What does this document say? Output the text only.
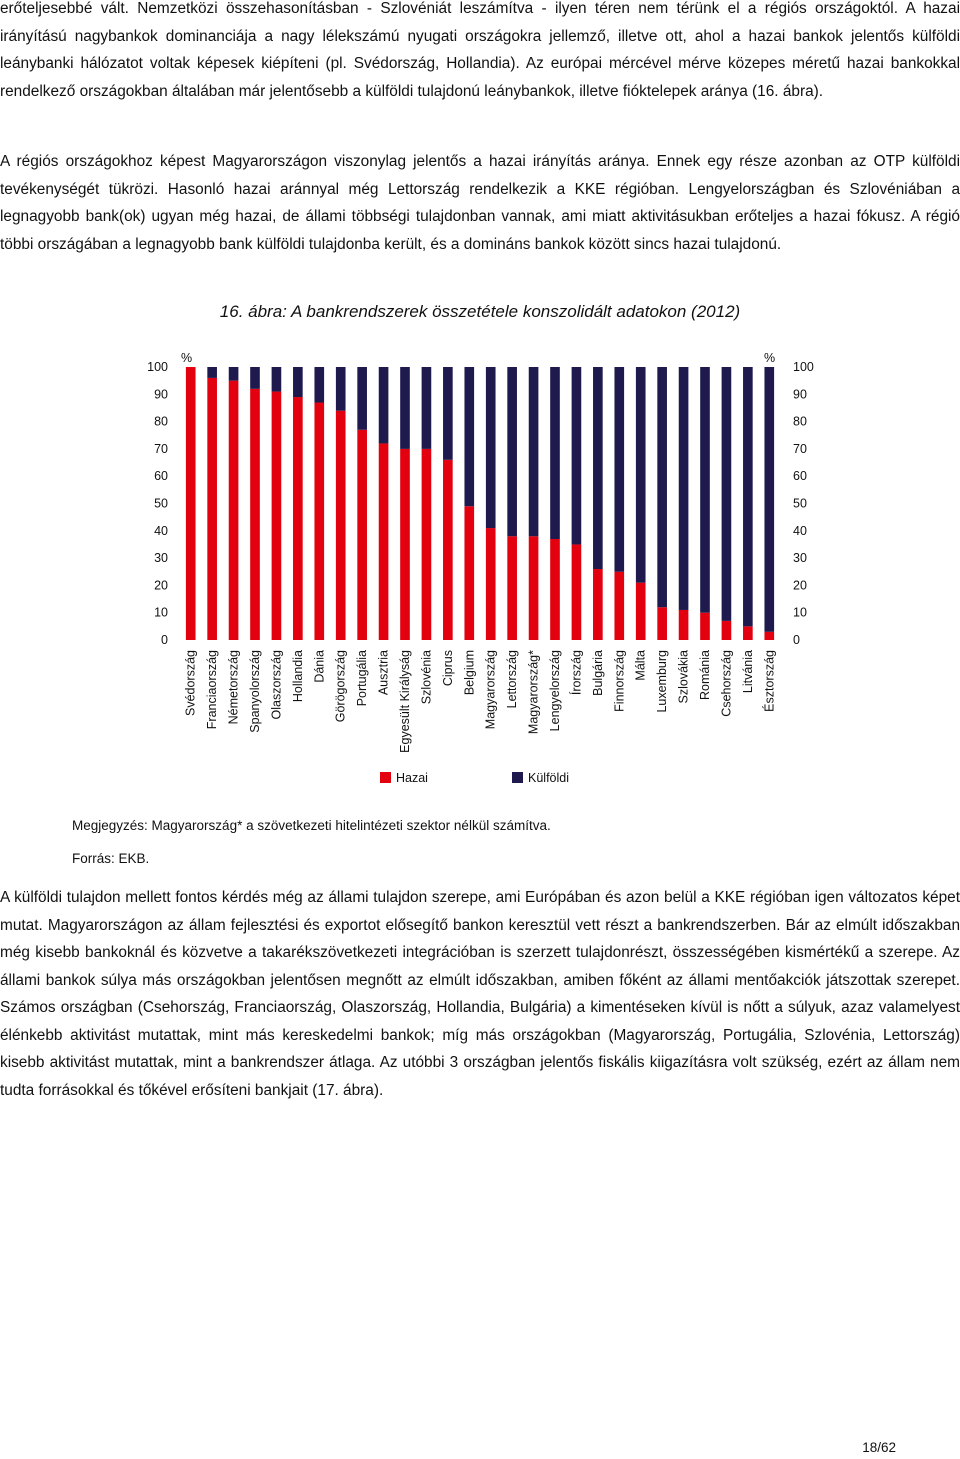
erőteljesebbé vált. Nemzetközi összehasonításban - Szlovéniát leszámítva - ilyen téren nem térünk el a régiós országoktól. A hazai irányítású nagybankok dominanciája a nagy lélekszámú nyugati országokra jellemző, illetve ott, ahol a hazai bankok jelentős külföldi leánybanki hálózatot voltak képesek kiépíteni (pl. Svédország, Hollandia). Az európai mércével mérve közepes méretű hazai bankokkal rendelkező országokban általában már jelentősebb a külföldi tulajdonú leánybankok, illetve fióktelepek aránya (16. ábra).

A régiós országokhoz képest Magyarországon viszonylag jelentős a hazai irányítás aránya. Ennek egy része azonban az OTP külföldi tevékenységét tükrözi. Hasonló hazai aránnyal még Lettország rendelkezik a KKE régióban. Lengyelországban és Szlovéniában a legnagyobb bank(ok) ugyan még hazai, de állami többségi tulajdonban vannak, ami miatt aktivitásukban erőteljes a hazai fókusz. A régió többi országában a legnagyobb bank külföldi tulajdonba került, és a domináns bankok között sincs hazai tulajdonú.

16. ábra: A bankrendszerek összetétele konszolidált adatokon (2012)
%	%
0	0
10	10
20	20
30	30
40	40
50	50
60	60
70	70
80	80
90	90
100	100
Svédország Franciaország Németország Spanyolország Olaszország Hollandia Dánia Görögország Portugália Ausztria Egyesült Királyság Szlovénia Ciprus Belgium Magyarország Lettország Magyarország* Lengyelország Írország Bulgária Finnország Málta Luxemburg Szlovákia Románia Csehország Litvánia Észtország
Hazai	Külföldi
Megjegyzés: Magyarország* a szövetkezeti hitelintézeti szektor nélkül számítva.
Forrás: EKB.

A külföldi tulajdon mellett fontos kérdés még az állami tulajdon szerepe, ami Európában és azon belül a KKE régióban igen változatos képet mutat. Magyarországon az állam fejlesztési és exportot elősegítő bankon keresztül vett részt a bankrendszerben. Bár az elmúlt időszakban még kisebb bankoknál és közvetve a takarékszövetkezeti integrációban is szerzett tulajdonrészt, összességében kismértékű a szerepe. Az állami bankok súlya más országokban jelentősen megnőtt az elmúlt időszakban, amiben főként az állami mentőakciók játszottak szerepet. Számos országban (Csehország, Franciaország, Olaszország, Hollandia, Bulgária) a kimentéseken kívül is nőtt a súlyuk, azaz valamelyest élénkebb aktivitást mutattak, mint más kereskedelmi bankok; míg más országokban (Magyarország, Portugália, Szlovénia, Lettország) kisebb aktivitást mutattak, mint a bankrendszer átlaga. Az utóbbi 3 országban jelentős fiskális kiigazításra volt szükség, ezért az állam nem tudta forrásokkal és tőkével erősíteni bankjait (17. ábra).

18/62
